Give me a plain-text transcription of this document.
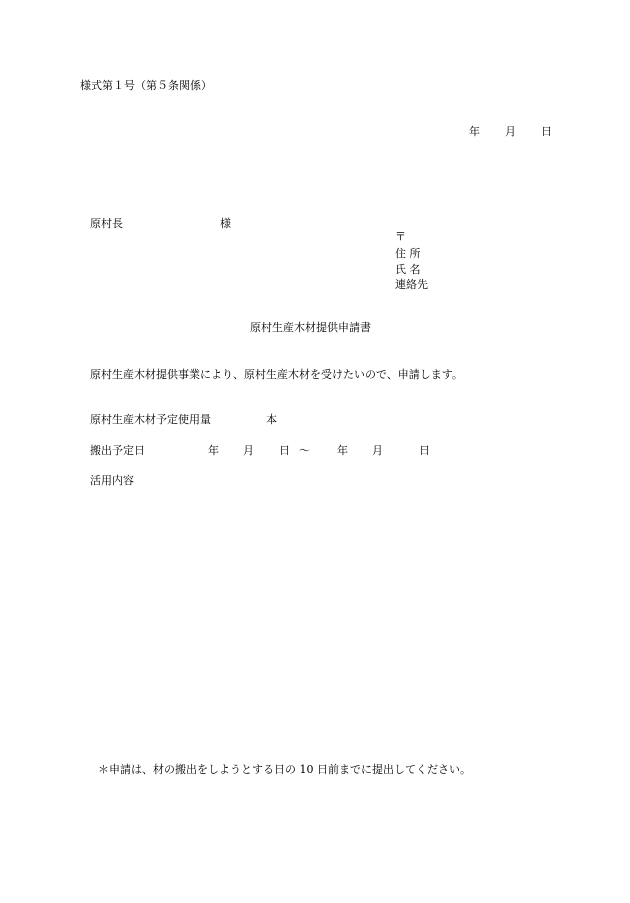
様式第１号（第５条関係）
年 月 日
原村長	様
〒
住 所
氏 名
連絡先
原村生産木材提供申請書
原村生産木材提供事業により、原村生産木材を受けたいので、申請します。
原村生産木材予定使用量	本
搬出予定日	年 月 日 〜 年 月	日
活用内容
＊申請は、材の搬出をしようとする日の 10 日前までに提出してください。
